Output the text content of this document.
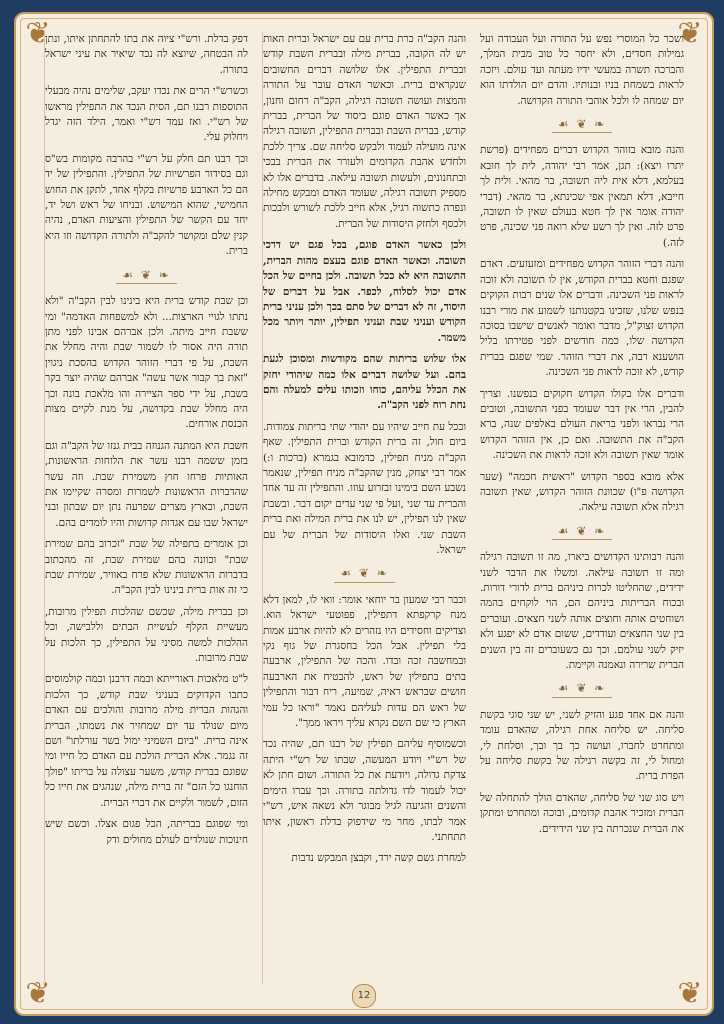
❦	❦
❦	❦

ושכר כל המוסרי נפש על התורה ועל העבודה ועל גמילות חסדים, ולא יחסר כל טוב מבית המלך, והברכה תשרה במעשי ידיו מעתה ועד עולם. ויזכה לראות בשמחת בניו ובנותיו. והדם יום הולדתו הוא יום שמחה לו ולכל אוהבי התורה הקדושה.

❧ ❦ ☙

והנה מובא בזוהר הקדוש דברים מפחידים (פרשת יתרו ויצא): תגן, אמר רבי יהודה, לית לך חובא בעלמא, דלא אית ליה תשובה, בר מהאי. ולית לך חייבא, דלא תמאין אפי שכינתא, בר מהאי. (דברי יהודה אומר אין לך חטא בעולם שאין לו תשובה, פרט לזה. ואין לך רשע שלא רואה פני שכינה, פרט לזה.)

והנה דברי הזוהר הקדוש מפחידים ומזעזעים. דאדם שפגם וחטא בברית הקודש, אין לו תשובה ולא זוכה לראות פני השכינה. ודברים אלו שנים רבות הקוקים בנפש שלנו, שזכינו בקטנותנו לשמוע את מורי רבנו הקדוש זצוק"ל, מדבר ואומר לאנשים שישבו בסוכה הקדושה שלו, כמה חודשים לפני פטירתו בליל הושענא רבה, את דברי הזוהר. שמי שפגם בברית קודש, לא זוכה לראות פני השכינה.

ודברים אלו בקולו הקדוש חקוקים בנפשנו. וצריך להבין, הרי אין דבר שעומד בפני התשובה, וטובים הרי נבראו ולפני בריאת העולם באלפים שנה, ברא הקב"ה את התשובה. ואם כן, אין הזוהר הקדוש אומר שאין תשובה ולא זוכה לראות את השכינה.

אלא מובא בספר הקדוש "ראשית חכמה" (שער הקדושה פ"ו) שכוונת הזוהר הקדוש, שאין תשובה רגילה אלא תשובה עילאה.

❧ ❦ ☙

והנה רבותינו הקדושים ביארו, מה זו תשובה רגילה ומה זו תשובה עילאה. ומשלו את הדבר לשני ידידים, שהחליטו לכרות ביניהם ברית לדורי דורות. ובכוח הבריתות ביניהם הם, הוי לוקחים בהמה ושוחטים אותה וחוצים אותה לשני חצאים. ועוברים בין שני החצאים ועודדים, ששום אדם לא יפגע ולא יזיק לשני עולמם. וכך גם כשעוברים זה בין השנים הברית שרירה ונאמנה וקיימת.

❧ ❦ ☙

והנה אם אחד פגע והזיק לשני, יש שני סוגי בקשת סליחה. יש סליחה אחת רגילה, שהאדם עומד ומתחרט לחברו, ועושה כך בך ובך, וסלחת לי, ומחול לי, זה בקשה רגילה של בקשת סליחה על הפרת ברית.

ויש סוג שני של סליחה, שהאדם הולך להתחלה של הברית ומזכיר אהבת קדומים, ובוכה ומתחרט ומתקן את הברית שנכרתה בין שני הידידים.

והנה הקב"ה כרת ברית עם עם ישראל וברית האות יש לה הקובה, בברית מילה ובברית השבת קודש ובברית התפילין. אלו שלושה דברים החשובים שנקראים ברית. וכאשר האדם עובר על התורה והמצות ועושה תשובה רגילה, הקב"ה רחום וחנון, אך כאשר האדם פוגם ביסוד של הברית, בברית קודש, בברית השבת ובברית התפילין, תשובה רגילה אינה מועילה לעמוד ולבקש סליחה שם. צריך ללכת ולחדש אהבת הקדומים ולעורר את הברית בבכי ובתחנונים, ולעשות תשובה עילאה. בדברים אלו לא מספיק תשובה רגילה, שעומד האדם ומבקש מחילה ונפרה כתשוה רגיל, אלא חייב ללכת לשורש ולבכות ולכסף ולחזק היסודות של הברית.

ולכן כאשר האדם פוגם, בכל פגם יש דרכי תשובה. וכאשר האדם פוגם בעצם מהות הברית, התשובה היא לא ככל תשובה. ולכן בחיים של הכל אדם יכול לסלוח, לכפר. אבל על דברים של היסוד, זה לא דברים של סתם בכך ולכן עניני ברית הקודש ועניני שבת ועניני תפילין, יותר ויותר מכל משמר.

אלו שלוש בריתות שהם מקודשות ומסוכן לגעת בהם. ועל שלושה דברים אלו כמה שיהודי יחזק את הכלל עליהם, כוחו וזכותו עלים למעלה והם נחת רוח לפני הקב"ה.

ובכל עת חייב שיהיו עם יהודי שתי בריתות צמודות. ביום חול, זה ברית הקודש וברית התפילין. שאף הקב"ה מניח תפילין, כדמובא בגמרא (ברכות ו:) אמר רבי יצחק, מנין שהקב"ה מניח תפילין, שנאמר נשבע השם בימינו ובזרוע עוזו. והתפילין זה עד אחד והברית עד שני ,ועל פי שני עדים יקום דבר. ובשבת שאין לנו תפילין, יש לנו את ברית המילה ואת ברית השבת שני. ואלו היסודות של הברית של עם ישראל.

❧ ❦ ☙

וכבר רבי שמעון בר יוחאי אומר: וואי לו, למאן דלא מנח קרקפתא דתפילין, פפוטעי ישראל הוא. וצדיקים וחסידים היו נזהרים לא להיות ארבע אמות בלי תפילין. אבל הכל בחסגרת של גוף נקי ובמחשבה זכה ובדו. והכה של התפילין, ארבעה בתים בתפילין של ראש, להבטיח את הארבעה חושים שבראש ראיה, שמיעה, ריח דבור והתפילין של ראש הם עדות לעליהם נאמר "וראו כל עמי הארץ כי שם השם נקרא עליך ויראו ממך".

וכשמוסיף עליהם תפילין של רבנו תם, שהיה נכד של רש"י ויודע המעשה, שבתו של רש"י היתה צדקת גדולה, ויודעת את כל התורה. ושום חתן לא יכול לעמוד לדו גדולתה בתורה. וכך עברו הימים והשנים והגיעה לגיל מבוגר ולא נשאה איש, רש"י אמר לבתו, מחר מי שידפוק בדלת ראשון, איתו תתחתני.

למחרת גשם קשה ירד, וקבצן המבקש נדבות

דפק בדלת. ורש"י ציוה את בתו להתחתן איתו, ונתן לה הבטחה, שיוצא לה נכד שיאיר את עיני ישראל בתורה.

וכשרש"י הרים את נכדו יעקב, שלימים נהיה מבעלי התוספות רבנו תם, הסית הנכד את התפילין מראשו של רש"י. ואז עמד רש"י ואמר, הילד הזה יגדל ויחלוק עלי.

וכך רבנו תם חלק על רש"י בהרבה מקומות בש"ס וגם בסידור הפרשיות של התפילין. והתפילין של יד הם כל הארבע פרשיות בקלף אחד, לתקן את החוש החמישי, שהוא המישוש. ובניחו של ראש ושל יד, יחד עם הקשר של התפילין והציעות האדם, נהיה קנין שלם ומקושר להקב"ה ולתורה הקדושה וזו היא ברית.

❧ ❦ ☙

וכן שבת קודש ברית היא בינינו לבין הקב"ה "ולא נתתו לגויי הארצות... ולא למשפחות האדמה" ומי ששבת חייב מיתה. ולכן אברהם אבינו לפני מתן תורה היה אסור לו לשמור שבת והיה מחלל את השבת, על פי דברי הזוהר הקדוש בהסכת ניגוין "זאת בך קבור אשר עשה" אברהם שהיה יוצר בקר בשבת, על ידי ספר הציירה והו מלאכת בונה וכך היה מחלל שבת בקדושה, על מנת לקיים מצות הכנסת אורחים.

חשבת היא המתנה הגנוזה בבית גנזו של הקב"ה וגם בזמן ששמה רבנו עשר את הלוחות הראשונות, האותיות פרחו חוץ משמירת שבת. וזה עשר שהדברות הראשונות לשמרות ומסרה שקיימו את השבת, וכארץ מצרים שפרעה נתן יום שבתון ובני ישראל שבו עם אגדות קדושות והיו לומדים בהם.

וכן אומרים בתפילה של שבת "זכרוב בהם שמירת שבת" וכוונה בהם שמירת שבת, זה מהכתוב בדברות הראשונות שלא פרח באוויר, שמירת שבת כי זה אות ברית בינינו לבין הקב"ה.

וכן בברית מילה, שכשם שהלכות תפילין מרובות, מעשיית הקלף לעשיית הבתים וללבישה, וכל ההלכות למשה מסיני על התפילין, כך הלכות על שבת מרובות.

ל"ט מלאכות דאורייתא וכמה דרבנן וכמה קולמוסים כתבו הקדוקים בעניני שבת קודש, כך הלכות והגהות הברית מילה מרובות והולכים עם האדם מיום שנולד עד יום שמחזיר את נשמתו, הברית אינה ברית. "ביום השמיני ימול בשר עורלתו" ושם זה נגמר. אלא הברית הולכת עם האדם כל חייו ומי שפוגם בברית קודש, משער עצולה על בריתו "פולך הוחנגו כל הזם" זה ברית מילה, שנהגים את חייו כל הזום, לשמור ולקיים את דברי הברית.

ומי שפוגם בבריתה, הכל פגום אצלו. וכשם שיש חינוכות שנולדים לעולם מחולים ודק

12
